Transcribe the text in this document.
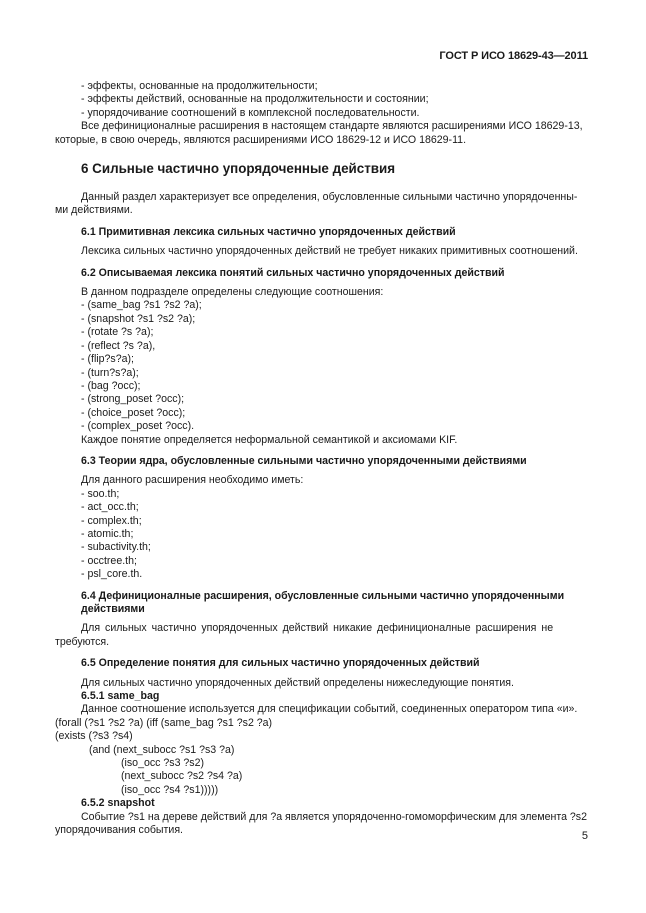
ГОСТ Р ИСО 18629-43—2011
- эффекты, основанные на продолжительности;
- эффекты действий, основанные на продолжительности и состоянии;
- упорядочивание соотношений в комплексной последовательности.
Все дефиниционалные расширения в настоящем стандарте являются расширениями ИСО 18629-13,
которые, в свою очередь, являются расширениями ИСО 18629-12 и ИСО 18629-11.
6 Сильные частично упорядоченные действия
Данный раздел характеризует все определения, обусловленные сильными частично упорядоченны-
ми действиями.
6.1 Примитивная лексика сильных частично упорядоченных действий
Лексика сильных частично упорядоченных действий не требует никаких примитивных соотношений.
6.2 Описываемая лексика понятий сильных частично упорядоченных действий
В данном подразделе определены следующие соотношения:
- (same_bag ?s1 ?s2 ?a);
- (snapshot ?s1 ?s2 ?a);
- (rotate ?s ?a);
- (reflect ?s ?a),
- (flip?s?a);
- (turn?s?a);
- (bag ?occ);
- (strong_poset ?occ);
- (choice_poset ?occ);
- (complex_poset ?occ).
Каждое понятие определяется неформальной семантикой и аксиомами KIF.
6.3 Теории ядра, обусловленные сильными частично упорядоченными действиями
Для данного расширения необходимо иметь:
- soo.th;
- act_occ.th;
- complex.th;
- atomic.th;
- subactivity.th;
- occtree.th;
- psl_core.th.
6.4 Дефиниционалные расширения, обусловленные сильными частично упорядоченными
действиями
Для сильных частично упорядоченных действий никакие дефиниционалные расширения не
требуются.
6.5 Определение понятия для сильных частично упорядоченных действий
Для сильных частично упорядоченных действий определены нижеследующие понятия.
6.5.1 same_bag
Данное соотношение используется для спецификации событий, соединенных оператором типа «и».
(forall (?s1 ?s2 ?a) (iff (same_bag ?s1 ?s2 ?a)
(exists (?s3 ?s4)
(and (next_subocc ?s1 ?s3 ?a)
(iso_occ ?s3 ?s2)
(next_subocc ?s2 ?s4 ?a)
(iso_occ ?s4 ?s1)))))
6.5.2 snapshot
Событие ?s1 на дереве действий для ?a является упорядоченно-гомоморфическим для элемента ?s2
упорядочивания события.	5
